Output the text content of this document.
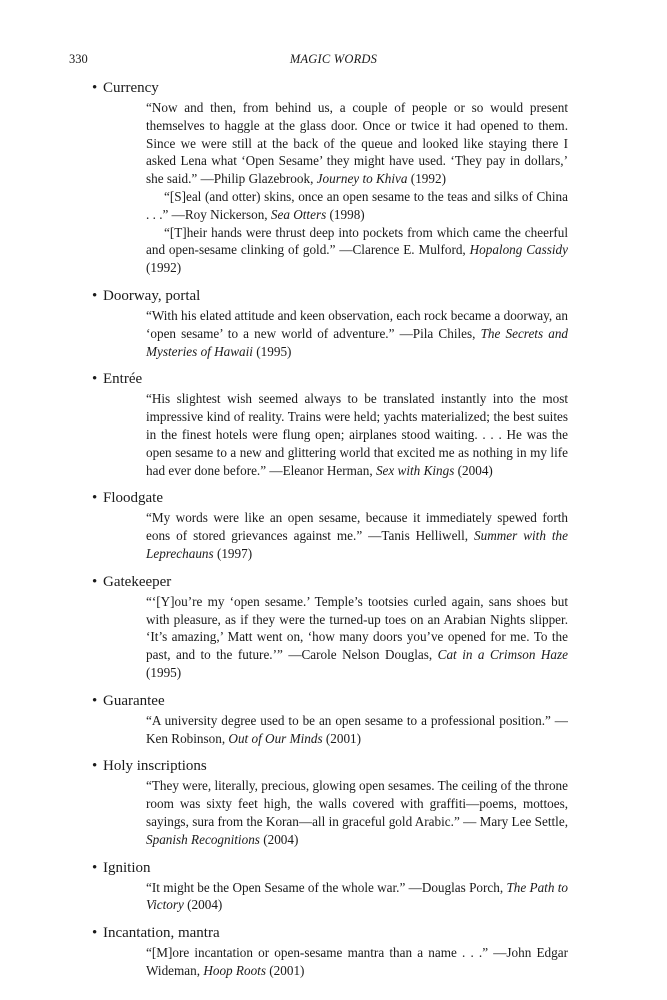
330	MAGIC WORDS
• Currency
“Now and then, from behind us, a couple of people or so would present themselves to haggle at the glass door. Once or twice it had opened to them. Since we were still at the back of the queue and looked like staying there I asked Lena what ‘Open Sesame’ they might have used. ‘They pay in dollars,’ she said.” —Philip Glazebrook, Journey to Khiva (1992)
“[S]eal (and otter) skins, once an open sesame to the teas and silks of China . . .” —Roy Nickerson, Sea Otters (1998)
“[T]heir hands were thrust deep into pockets from which came the cheerful and open-sesame clinking of gold.” —Clarence E. Mulford, Hopalong Cassidy (1992)
• Doorway, portal
“With his elated attitude and keen observation, each rock became a doorway, an ‘open sesame’ to a new world of adventure.” —Pila Chiles, The Secrets and Mysteries of Hawaii (1995)
• Entrée
“His slightest wish seemed always to be translated instantly into the most impressive kind of reality. Trains were held; yachts materialized; the best suites in the finest hotels were flung open; airplanes stood waiting. . . . He was the open sesame to a new and glittering world that excited me as nothing in my life had ever done before.” —Eleanor Herman, Sex with Kings (2004)
• Floodgate
“My words were like an open sesame, because it immediately spewed forth eons of stored grievances against me.” —Tanis Helliwell, Summer with the Leprechauns (1997)
• Gatekeeper
“‘[Y]ou’re my ‘open sesame.’ Temple’s tootsies curled again, sans shoes but with pleasure, as if they were the turned-up toes on an Arabian Nights slipper. ‘It’s amazing,’ Matt went on, ‘how many doors you’ve opened for me. To the past, and to the future.’” —Carole Nelson Douglas, Cat in a Crimson Haze (1995)
• Guarantee
“A university degree used to be an open sesame to a professional position.” —Ken Robinson, Out of Our Minds (2001)
• Holy inscriptions
“They were, literally, precious, glowing open sesames. The ceiling of the throne room was sixty feet high, the walls covered with graffiti—poems, mottoes, sayings, sura from the Koran—all in graceful gold Arabic.” — Mary Lee Settle, Spanish Recognitions (2004)
• Ignition
“It might be the Open Sesame of the whole war.” —Douglas Porch, The Path to Victory (2004)
• Incantation, mantra
“[M]ore incantation or open-sesame mantra than a name . . .” —John Edgar Wideman, Hoop Roots (2001)
